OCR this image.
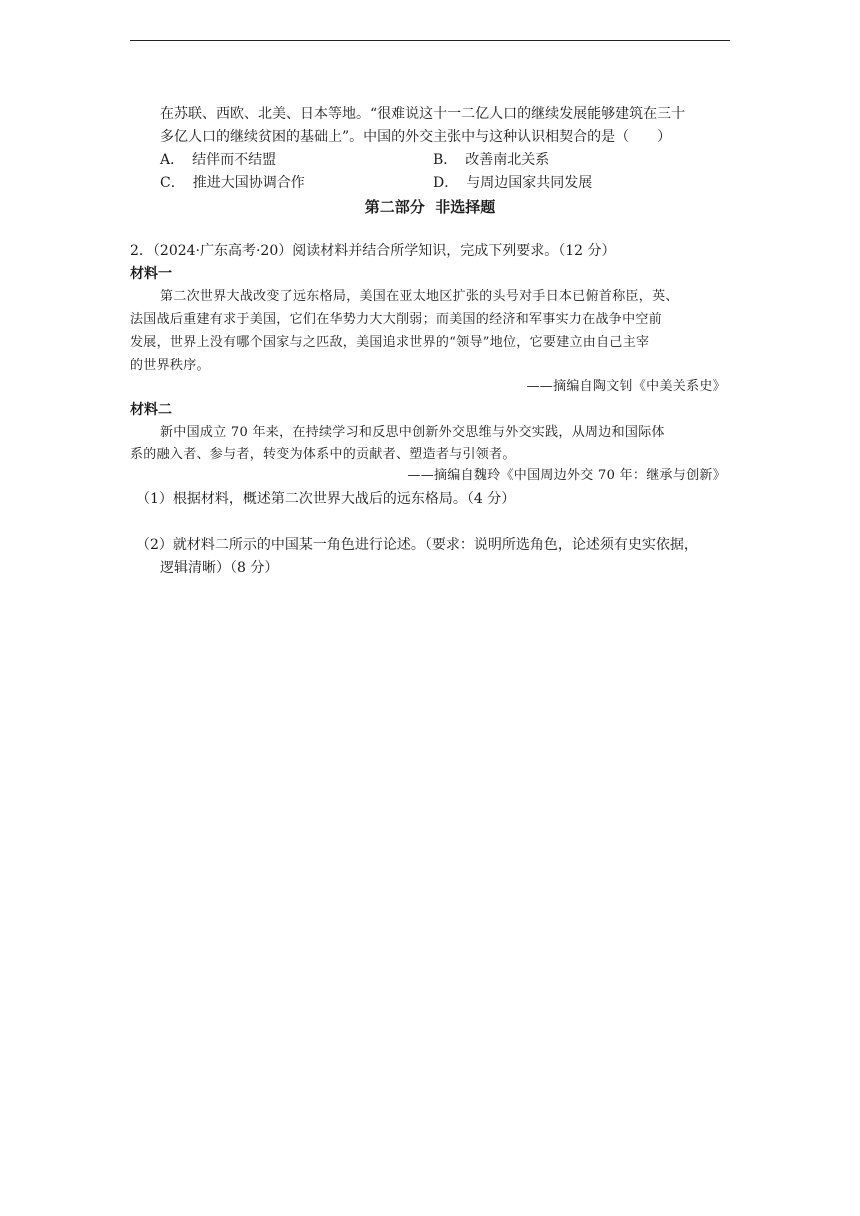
在苏联、西欧、北美、日本等地。“很难说这十一二亿人口的继续发展能够建筑在三十
多亿人口的继续贫困的基础上”。中国的外交主张中与这种认识相契合的是（　　）
A． 结伴而不结盟	B． 改善南北关系
C． 推进大国协调合作	D． 与周边国家共同发展
第二部分  非选择题
2．（2024·广东高考·20）阅读材料并结合所学知识，完成下列要求。（12 分）
材料一
第二次世界大战改变了远东格局，美国在亚太地区扩张的头号对手日本已俯首称臣，英、
法国战后重建有求于美国，它们在华势力大大削弱；而美国的经济和军事实力在战争中空前
发展，世界上没有哪个国家与之匹敌，美国追求世界的“领导”地位，它要建立由自己主宰
的世界秩序。
——摘编自陶文钊《中美关系史》
材料二
新中国成立 70 年来，在持续学习和反思中创新外交思维与外交实践，从周边和国际体
系的融入者、参与者，转变为体系中的贡献者、塑造者与引领者。
——摘编自魏玲《中国周边外交 70 年：继承与创新》
（1）根据材料，概述第二次世界大战后的远东格局。（4 分）
（2）就材料二所示的中国某一角色进行论述。（要求：说明所选角色，论述须有史实依据，
逻辑清晰）（8 分）
